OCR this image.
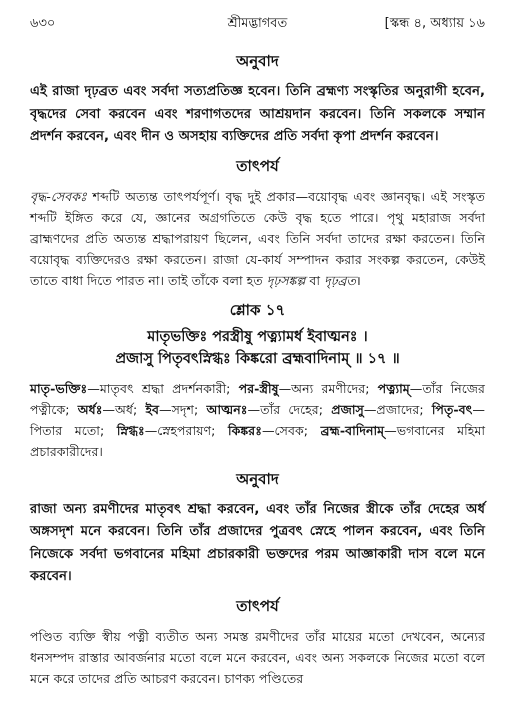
৬৩০	শ্রীমদ্ভাগবত	[স্কন্ধ ৪, অধ্যায় ১৬
অনুবাদ

এই রাজা দৃঢ়ব্রত এবং সর্বদা সত্যপ্রতিজ্ঞ হবেন। তিনি ব্রহ্মণ্য সংস্কৃতির অনুরাগী হবেন, বৃদ্ধদের সেবা করবেন এবং শরণাগতদের আশ্রয়দান করবেন। তিনি সকলকে সম্মান প্রদর্শন করবেন, এবং দীন ও অসহায় ব্যক্তিদের প্রতি সর্বদা কৃপা প্রদর্শন করবেন।

তাৎপর্য

বৃদ্ধ-সেবকঃ শব্দটি অত্যন্ত তাৎপর্যপূর্ণ। বৃদ্ধ দুই প্রকার—বয়োবৃদ্ধ এবং জ্ঞানবৃদ্ধ। এই সংস্কৃত শব্দটি ইঙ্গিত করে যে, জ্ঞানের অগ্রগতিতে কেউ বৃদ্ধ হতে পারে। পৃথু মহারাজ সর্বদা ব্রাহ্মণদের প্রতি অত্যন্ত শ্রদ্ধাপরায়ণ ছিলেন, এবং তিনি সর্বদা তাদের রক্ষা করতেন। তিনি বয়োবৃদ্ধ ব্যক্তিদেরও রক্ষা করতেন। রাজা যে-কার্য সম্পাদন করার সংকল্প করতেন, কেউই তাতে বাধা দিতে পারত না। তাই তাঁকে বলা হত দৃঢ়সঙ্কল্প বা দৃঢ়ব্রত।

শ্লোক ১৭

মাতৃভক্তিঃ পরস্ত্রীষু পত্ন্যামর্ধ ইবাত্মনঃ ।

প্রজাসু পিতৃবৎস্নিগ্ধঃ কিঙ্করো ব্রহ্মবাদিনাম্ ॥ ১৭ ॥

মাতৃ-ভক্তিঃ—মাতৃবৎ শ্রদ্ধা প্রদর্শনকারী; পর-স্ত্রীষু—অন্য রমণীদের; পত্ন্যাম্—তাঁর নিজের পত্নীকে; অর্ধঃ—অর্ধ; ইব—সদৃশ; আত্মনঃ—তাঁর দেহের; প্রজাসু—প্রজাদের; পিতৃ-বৎ—পিতার মতো; স্নিগ্ধঃ—স্নেহপরায়ণ; কিঙ্করঃ—সেবক; ব্রহ্ম-বাদিনাম্—ভগবানের মহিমা প্রচারকারীদের।

অনুবাদ

রাজা অন্য রমণীদের মাতৃবৎ শ্রদ্ধা করবেন, এবং তাঁর নিজের স্ত্রীকে তাঁর দেহের অর্ধ অঙ্গসদৃশ মনে করবেন। তিনি তাঁর প্রজাদের পুত্রবৎ স্নেহে পালন করবেন, এবং তিনি নিজেকে সর্বদা ভগবানের মহিমা প্রচারকারী ভক্তদের পরম আজ্ঞাকারী দাস বলে মনে করবেন।

তাৎপর্য

পণ্ডিত ব্যক্তি স্বীয় পত্নী ব্যতীত অন্য সমস্ত রমণীদের তাঁর মায়ের মতো দেখবেন, অন্যের ধনসম্পদ রাস্তার আবর্জনার মতো বলে মনে করবেন, এবং অন্য সকলকে নিজের মতো বলে মনে করে তাদের প্রতি আচরণ করবেন। চাণক্য পণ্ডিতের
